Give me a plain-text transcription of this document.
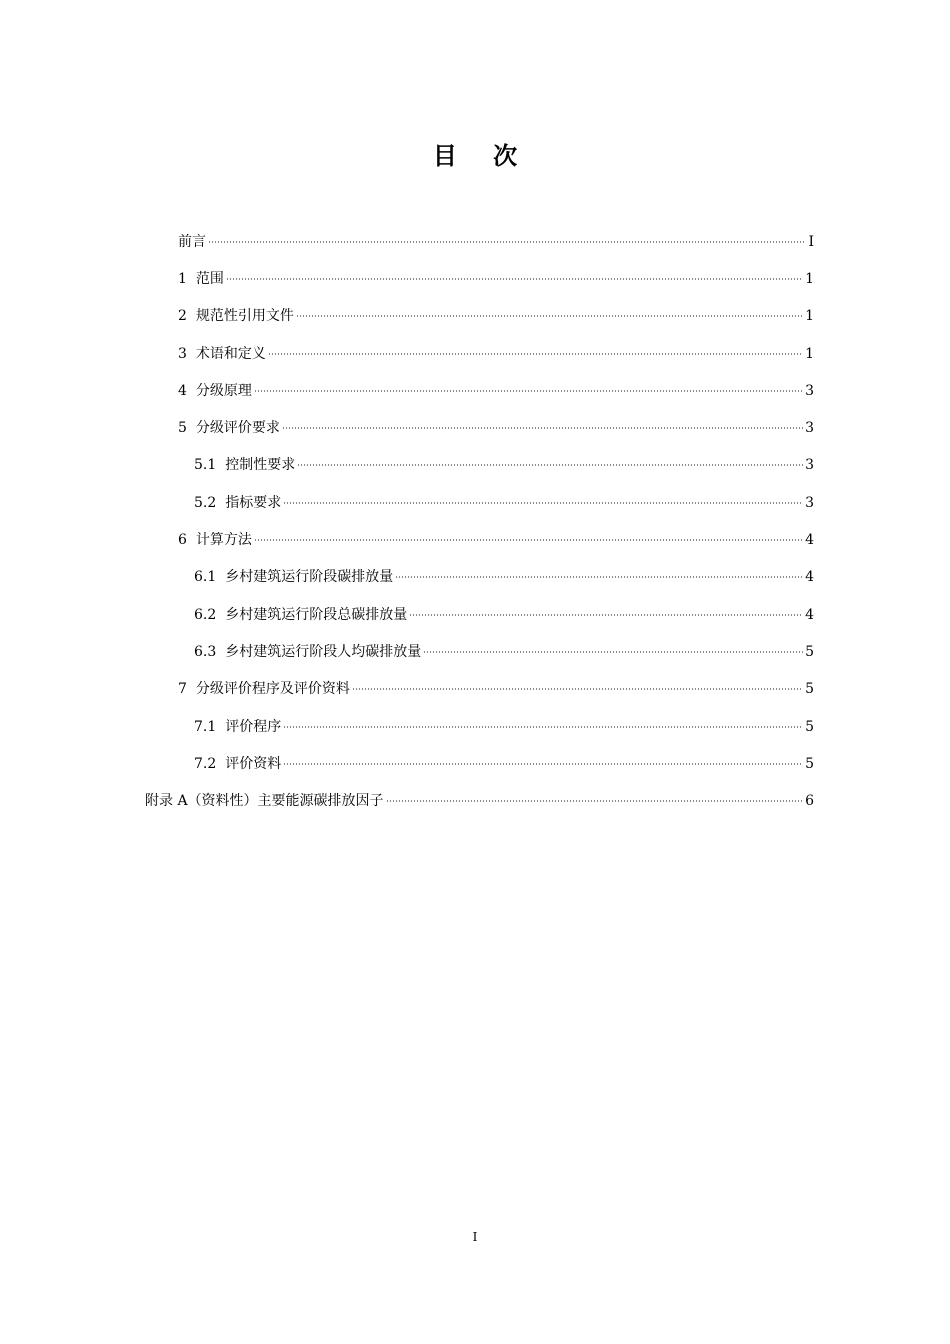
目 次
前言	I
1 范围	1
2 规范性引用文件	1
3 术语和定义	1
4 分级原理	3
5 分级评价要求	3
5.1 控制性要求	3
5.2 指标要求	3
6 计算方法	4
6.1 乡村建筑运行阶段碳排放量	4
6.2 乡村建筑运行阶段总碳排放量	4
6.3 乡村建筑运行阶段人均碳排放量	5
7 分级评价程序及评价资料	5
7.1 评价程序	5
7.2 评价资料	5
附录 A（资料性）主要能源碳排放因子	6
I
